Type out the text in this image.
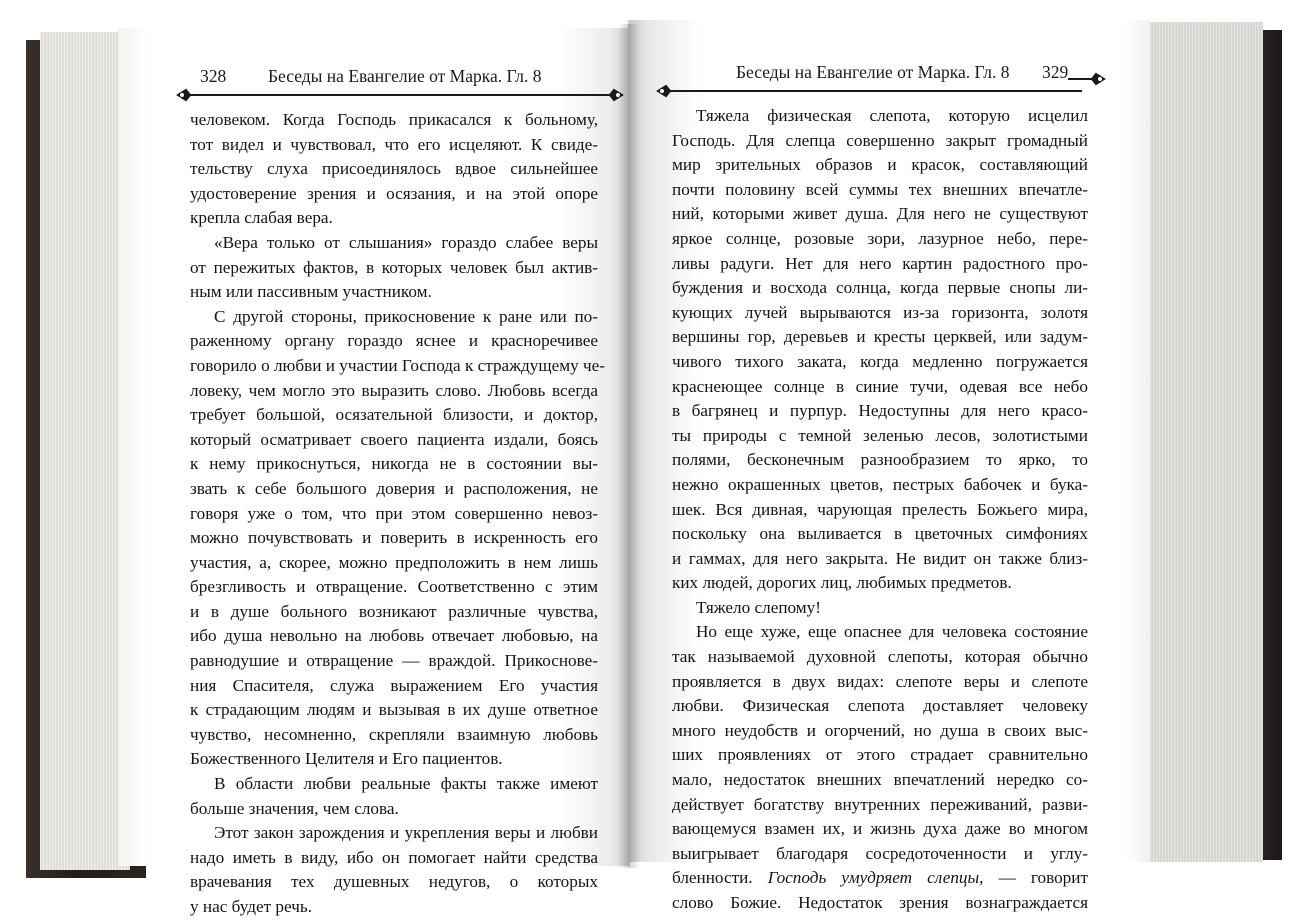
328 Беседы на Евангелие от Марка. Гл. 8
человеком. Когда Господь прикасался к больному,
тот видел и чувствовал, что его исцеляют. К свиде-
тельству слуха присоединялось вдвое сильнейшее
удостоверение зрения и осязания, и на этой опоре
крепла слабая вера.
«Вера только от слышания» гораздо слабее веры
от пережитых фактов, в которых человек был актив-
ным или пассивным участником.
С другой стороны, прикосновение к ране или по-
раженному органу гораздо яснее и красноречивее
говорило о любви и участии Господа к страждущему че-
ловеку, чем могло это выразить слово. Любовь всегда
требует большой, осязательной близости, и доктор,
который осматривает своего пациента издали, боясь
к нему прикоснуться, никогда не в состоянии вы-
звать к себе большого доверия и расположения, не
говоря уже о том, что при этом совершенно невоз-
можно почувствовать и поверить в искренность его
участия, а, скорее, можно предположить в нем лишь
брезгливость и отвращение. Соответственно с этим
и в душе больного возникают различные чувства,
ибо душа невольно на любовь отвечает любовью, на
равнодушие и отвращение — враждой. Прикоснове-
ния Спасителя, служа выражением Его участия
к страдающим людям и вызывая в их душе ответное
чувство, несомненно, скрепляли взаимную любовь
Божественного Целителя и Его пациентов.
В области любви реальные факты также имеют
больше значения, чем слова.
Этот закон зарождения и укрепления веры и любви
надо иметь в виду, ибо он помогает найти средства
врачевания тех душевных недугов, о которых
у нас будет речь.
Беседы на Евангелие от Марка. Гл. 8 329
Тяжела физическая слепота, которую исцелил
Господь. Для слепца совершенно закрыт громадный
мир зрительных образов и красок, составляющий
почти половину всей суммы тех внешних впечатле-
ний, которыми живет душа. Для него не существуют
яркое солнце, розовые зори, лазурное небо, пере-
ливы радуги. Нет для него картин радостного про-
буждения и восхода солнца, когда первые снопы ли-
кующих лучей вырываются из-за горизонта, золотя
вершины гор, деревьев и кресты церквей, или задум-
чивого тихого заката, когда медленно погружается
краснеющее солнце в синие тучи, одевая все небо
в багрянец и пурпур. Недоступны для него красо-
ты природы с темной зеленью лесов, золотистыми
полями, бесконечным разнообразием то ярко, то
нежно окрашенных цветов, пестрых бабочек и бука-
шек. Вся дивная, чарующая прелесть Божьего мира,
поскольку она выливается в цветочных симфониях
и гаммах, для него закрыта. Не видит он также близ-
ких людей, дорогих лиц, любимых предметов.
Тяжело слепому!
Но еще хуже, еще опаснее для человека состояние
так называемой духовной слепоты, которая обычно
проявляется в двух видах: слепоте веры и слепоте
любви. Физическая слепота доставляет человеку
много неудобств и огорчений, но душа в своих выс-
ших проявлениях от этого страдает сравнительно
мало, недостаток внешних впечатлений нередко со-
действует богатству внутренних переживаний, разви-
вающемуся взамен их, и жизнь духа даже во многом
выигрывает благодаря сосредоточенности и углу-
бленности. Господь умудряет слепцы, — говорит
слово Божие. Недостаток зрения вознаграждается
